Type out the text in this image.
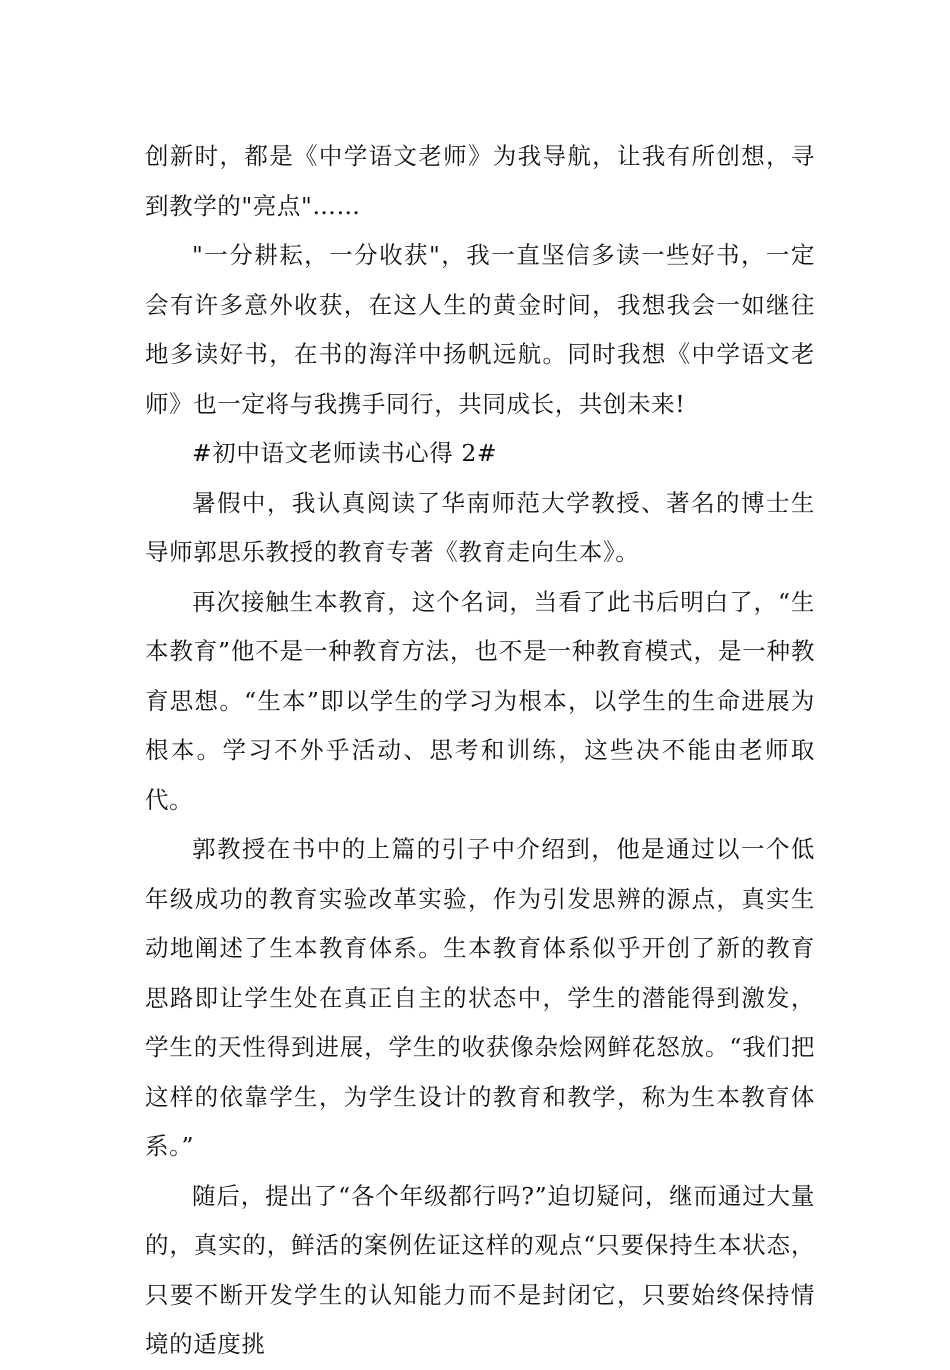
创新时，都是《中学语文老师》为我导航，让我有所创想，寻到教学的"亮点"……

"一分耕耘，一分收获"，我一直坚信多读一些好书，一定会有许多意外收获，在这人生的黄金时间，我想我会一如继往地多读好书，在书的海洋中扬帆远航。同时我想《中学语文老师》也一定将与我携手同行，共同成长，共创未来!

#初中语文老师读书心得 2#

暑假中，我认真阅读了华南师范大学教授、著名的博士生导师郭思乐教授的教育专著《教育走向生本》。

再次接触生本教育，这个名词，当看了此书后明白了，“生本教育”他不是一种教育方法，也不是一种教育模式，是一种教育思想。“生本”即以学生的学习为根本，以学生的生命进展为根本。学习不外乎活动、思考和训练，这些决不能由老师取代。

郭教授在书中的上篇的引子中介绍到，他是通过以一个低年级成功的教育实验改革实验，作为引发思辨的源点，真实生动地阐述了生本教育体系。生本教育体系似乎开创了新的教育思路即让学生处在真正自主的状态中，学生的潜能得到激发，学生的天性得到进展，学生的收获像杂烩网鲜花怒放。“我们把这样的依靠学生，为学生设计的教育和教学，称为生本教育体系。”

随后，提出了“各个年级都行吗?”迫切疑问，继而通过大量的，真实的，鲜活的案例佐证这样的观点“只要保持生本状态，只要不断开发学生的认知能力而不是封闭它，只要始终保持情境的适度挑
